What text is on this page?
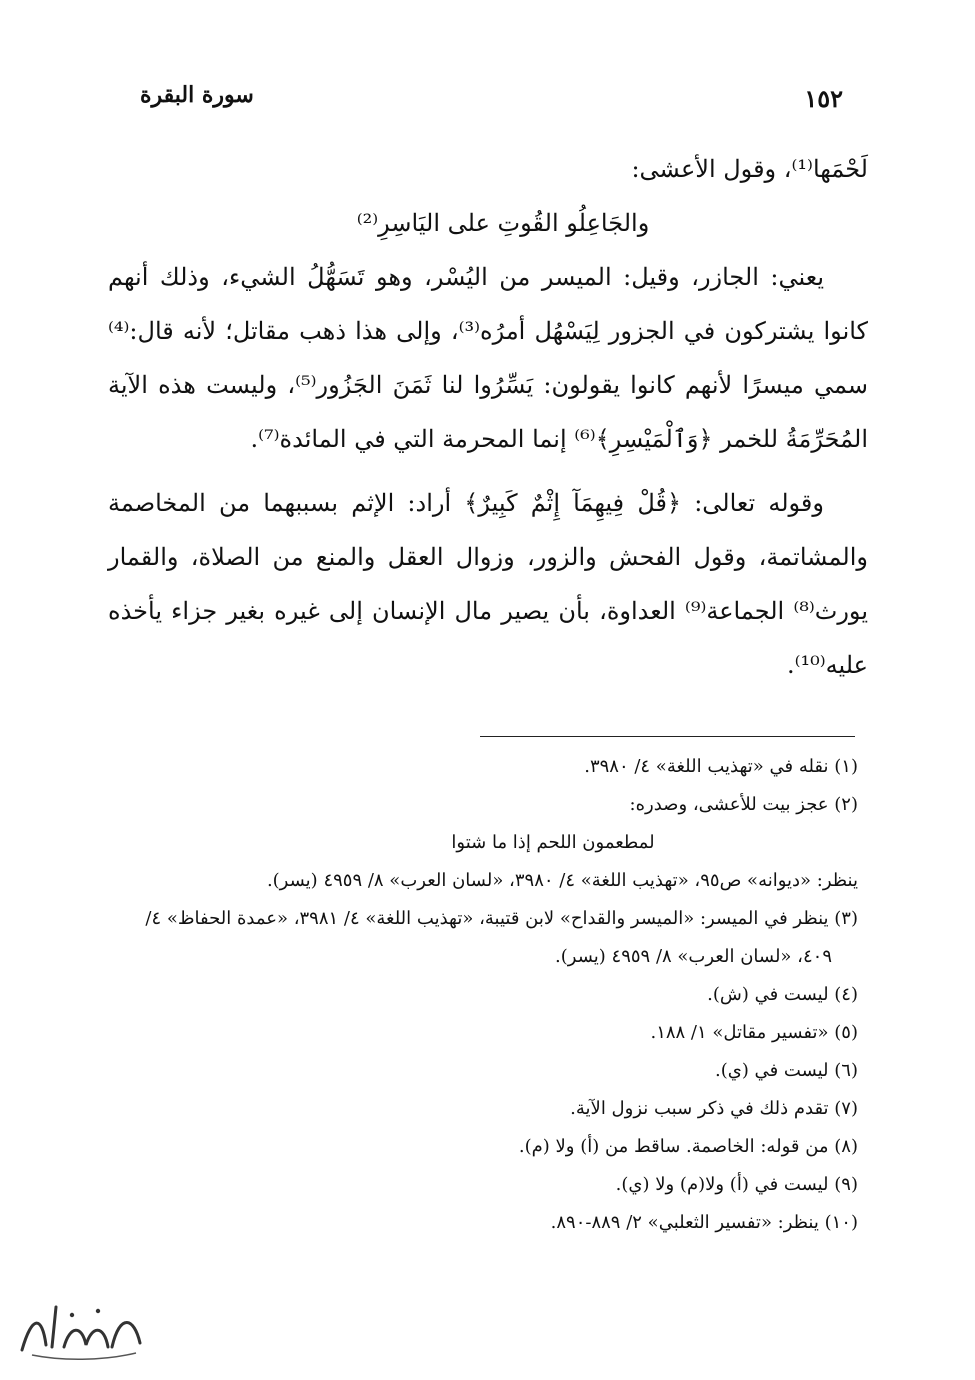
سورة البقرة	١٥٢

لَحْمَها⁽¹⁾، وقول الأعشى:

والجَاعِلُو القُوتِ على اليَاسِرِ⁽²⁾

يعني: الجازر، وقيل: الميسر من اليُسْر، وهو تَسَهُّلُ الشيء، وذلك أنهم كانوا يشتركون في الجزور لِيَسْهُل أمرُه⁽³⁾، وإلى هذا ذهب مقاتل؛ لأنه قال:⁽⁴⁾ سمي ميسرًا لأنهم كانوا يقولون: يَسِّرُوا لنا ثَمَنَ الجَزُور⁽⁵⁾، وليست هذه الآية المُحَرِّمَةُ للخمر ﴿وَٱلْمَيْسِرِ﴾⁽⁶⁾ إنما المحرمة التي في المائدة⁽⁷⁾.

وقوله تعالى: ﴿قُلْ فِيهِمَآ إِثْمٌ كَبِيرٌ﴾ أراد: الإثم بسببهما من المخاصمة والمشاتمة، وقول الفحش والزور، وزوال العقل والمنع من الصلاة، والقمار يورث⁽⁸⁾ الجماعة⁽⁹⁾ العداوة، بأن يصير مال الإنسان إلى غيره بغير جزاء يأخذه عليه⁽¹⁰⁾.

(١) نقله في «تهذيب اللغة» ٤/ ٣٩٨٠.

(٢) عجز بيت للأعشى، وصدره:

لمطعمون اللحم إذا ما شتوا

ينظر: «ديوانه» ص٩٥، «تهذيب اللغة» ٤/ ٣٩٨٠، «لسان العرب» ٨/ ٤٩٥٩ (يسر).

(٣) ينظر في الميسر: «الميسر والقداح» لابن قتيبة، «تهذيب اللغة» ٤/ ٣٩٨١، «عمدة الحفاظ» ٤/ ٤٠٩، «لسان العرب» ٨/ ٤٩٥٩ (يسر).

(٤) ليست في (ش).

(٥) «تفسير مقاتل» ١/ ١٨٨.

(٦) ليست في (ي).

(٧) تقدم ذلك في ذكر سبب نزول الآية.

(٨) من قوله: الخاصمة. ساقط من (أ) ولا (م).

(٩) ليست في (أ) ولا(م) ولا (ي).

(١٠) ينظر: «تفسير الثعلبي» ٢/ ٨٨٩-٨٩٠.
